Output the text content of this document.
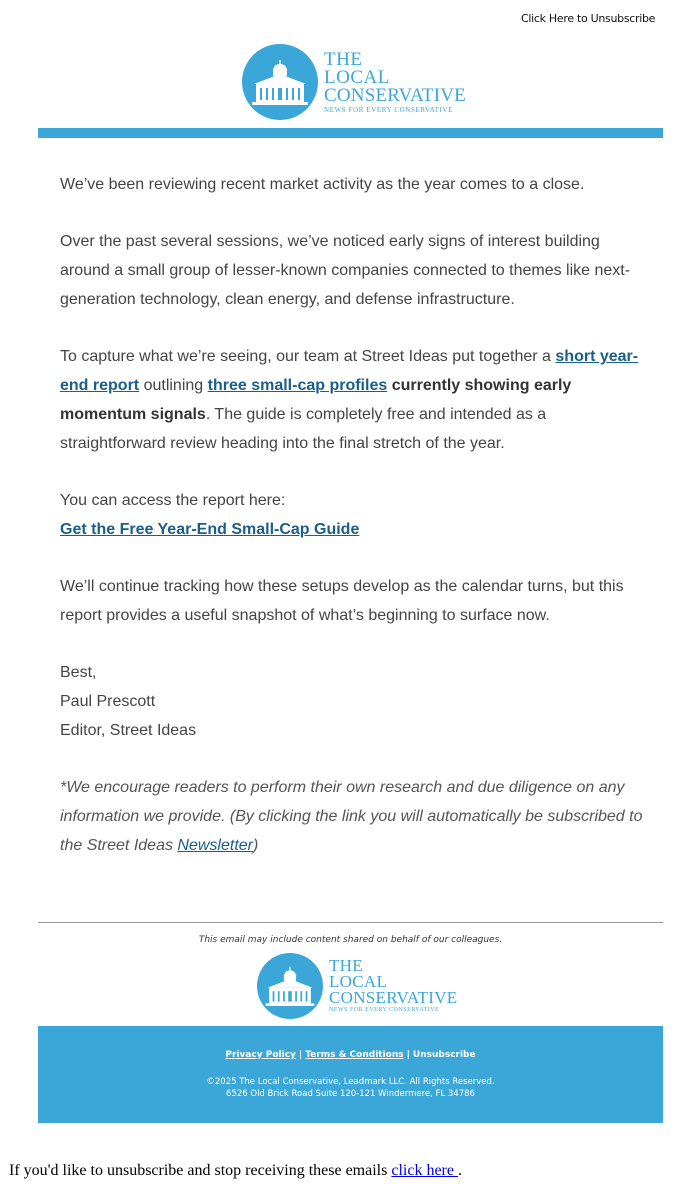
Click Here to Unsubscribe
THE
LOCAL
CONSERVATIVE
NEWS FOR EVERY CONSERVATIVE

We’ve been reviewing recent market activity as the year comes to a close.

Over the past several sessions, we’ve noticed early signs of interest building around a small group of lesser-known companies connected to themes like next-generation technology, clean energy, and defense infrastructure.

To capture what we’re seeing, our team at Street Ideas put together a short year-end report outlining three small-cap profiles currently showing early momentum signals. The guide is completely free and intended as a straightforward review heading into the final stretch of the year.

You can access the report here:
Get the Free Year-End Small-Cap Guide

We’ll continue tracking how these setups develop as the calendar turns, but this report provides a useful snapshot of what’s beginning to surface now.

Best,

Paul Prescott

Editor, Street Ideas

*We encourage readers to perform their own research and due diligence on any information we provide. (By clicking the link you will automatically be subscribed to the Street Ideas Newsletter)

This email may include content shared on behalf of our colleagues.
THE
LOCAL
CONSERVATIVE
NEWS FOR EVERY CONSERVATIVE
Privacy Policy | Terms & Conditions | Unsubscribe
©2025 The Local Conservative, Leadmark LLC. All Rights Reserved.
6526 Old Brick Road Suite 120-121 Windermere, FL 34786
If you'd like to unsubscribe and stop receiving these emails click here .
